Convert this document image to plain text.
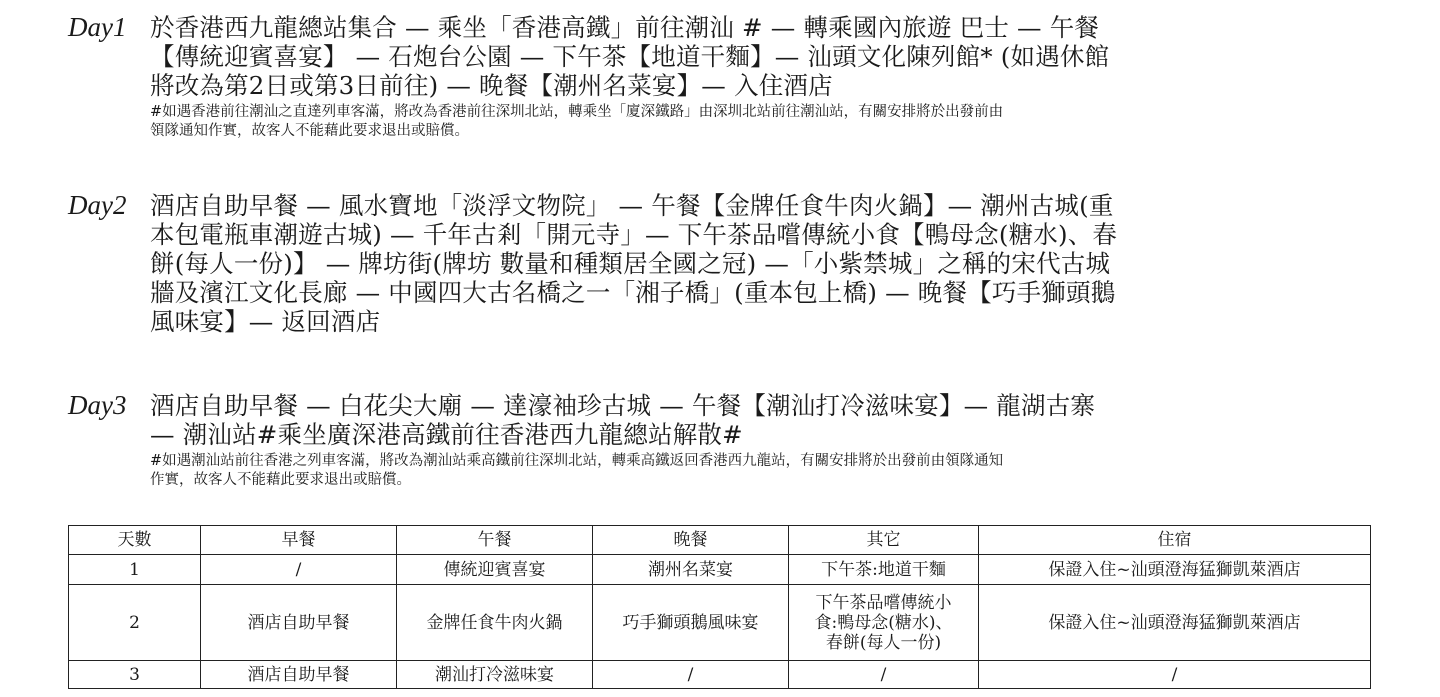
Day1 於香港西九龍總站集合 — 乘坐「香港高鐵」前往潮汕 # — 轉乘國內旅遊 巴士 — 午餐
【傳統迎賓喜宴】 — 石炮台公園 — 下午茶【地道干麵】— 汕頭文化陳列館* (如遇休館
將改為第2日或第3日前往) — 晚餐【潮州名菜宴】— 入住酒店
#如遇香港前往潮汕之直達列車客滿，將改為香港前往深圳北站，轉乘坐「廈深鐵路」由深圳北站前往潮汕站，有關安排將於出發前由
領隊通知作實，故客人不能藉此要求退出或賠償。
Day2 酒店自助早餐 — 風水寶地「淡浮文物院」 — 午餐【金牌任食牛肉火鍋】— 潮州古城(重
本包電瓶車潮遊古城) — 千年古剎「開元寺」— 下午茶品嚐傳統小食【鴨母念(糖水)、春
餅(每人一份)】 — 牌坊街(牌坊 數量和種類居全國之冠) —「小紫禁城」之稱的宋代古城
牆及濱江文化長廊 — 中國四大古名橋之一「湘子橋」(重本包上橋) — 晚餐【巧手獅頭鵝
風味宴】— 返回酒店
Day3 酒店自助早餐 — 白花尖大廟 — 達濠袖珍古城 — 午餐【潮汕打冷滋味宴】— 龍湖古寨
— 潮汕站#乘坐廣深港高鐵前往香港西九龍總站解散#
#如遇潮汕站前往香港之列車客滿，將改為潮汕站乘高鐵前往深圳北站，轉乘高鐵返回香港西九龍站，有關安排將於出發前由領隊通知
作實，故客人不能藉此要求退出或賠償。
天數	早餐	午餐	晚餐	其它	住宿
1	/	傳統迎賓喜宴	潮州名菜宴	下午茶:地道干麵	保證入住~汕頭澄海猛獅凱萊酒店
2	酒店自助早餐	金牌任食牛肉火鍋	巧手獅頭鵝風味宴	下午茶品嚐傳統小
食:鴨母念(糖水)、
春餅(每人一份)	保證入住~汕頭澄海猛獅凱萊酒店
3	酒店自助早餐	潮汕打冷滋味宴	/	/	/
